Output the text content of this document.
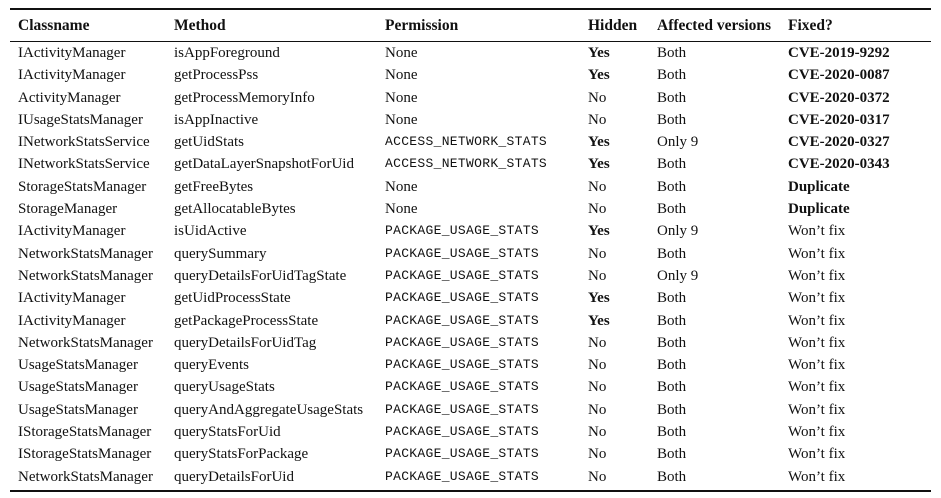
Classname	Method	Permission	Hidden	Affected versions	Fixed?
IActivityManager	isAppForeground	None	Yes	Both	CVE-2019-9292
IActivityManager	getProcessPss	None	Yes	Both	CVE-2020-0087
ActivityManager	getProcessMemoryInfo	None	No	Both	CVE-2020-0372
IUsageStatsManager	isAppInactive	None	No	Both	CVE-2020-0317
INetworkStatsService	getUidStats	ACCESS_NETWORK_STATS	Yes	Only 9	CVE-2020-0327
INetworkStatsService	getDataLayerSnapshotForUid	ACCESS_NETWORK_STATS	Yes	Both	CVE-2020-0343
StorageStatsManager	getFreeBytes	None	No	Both	Duplicate
StorageManager	getAllocatableBytes	None	No	Both	Duplicate
IActivityManager	isUidActive	PACKAGE_USAGE_STATS	Yes	Only 9	Won’t fix
NetworkStatsManager	querySummary	PACKAGE_USAGE_STATS	No	Both	Won’t fix
NetworkStatsManager	queryDetailsForUidTagState	PACKAGE_USAGE_STATS	No	Only 9	Won’t fix
IActivityManager	getUidProcessState	PACKAGE_USAGE_STATS	Yes	Both	Won’t fix
IActivityManager	getPackageProcessState	PACKAGE_USAGE_STATS	Yes	Both	Won’t fix
NetworkStatsManager	queryDetailsForUidTag	PACKAGE_USAGE_STATS	No	Both	Won’t fix
UsageStatsManager	queryEvents	PACKAGE_USAGE_STATS	No	Both	Won’t fix
UsageStatsManager	queryUsageStats	PACKAGE_USAGE_STATS	No	Both	Won’t fix
UsageStatsManager	queryAndAggregateUsageStats	PACKAGE_USAGE_STATS	No	Both	Won’t fix
IStorageStatsManager	queryStatsForUid	PACKAGE_USAGE_STATS	No	Both	Won’t fix
IStorageStatsManager	queryStatsForPackage	PACKAGE_USAGE_STATS	No	Both	Won’t fix
NetworkStatsManager	queryDetailsForUid	PACKAGE_USAGE_STATS	No	Both	Won’t fix
